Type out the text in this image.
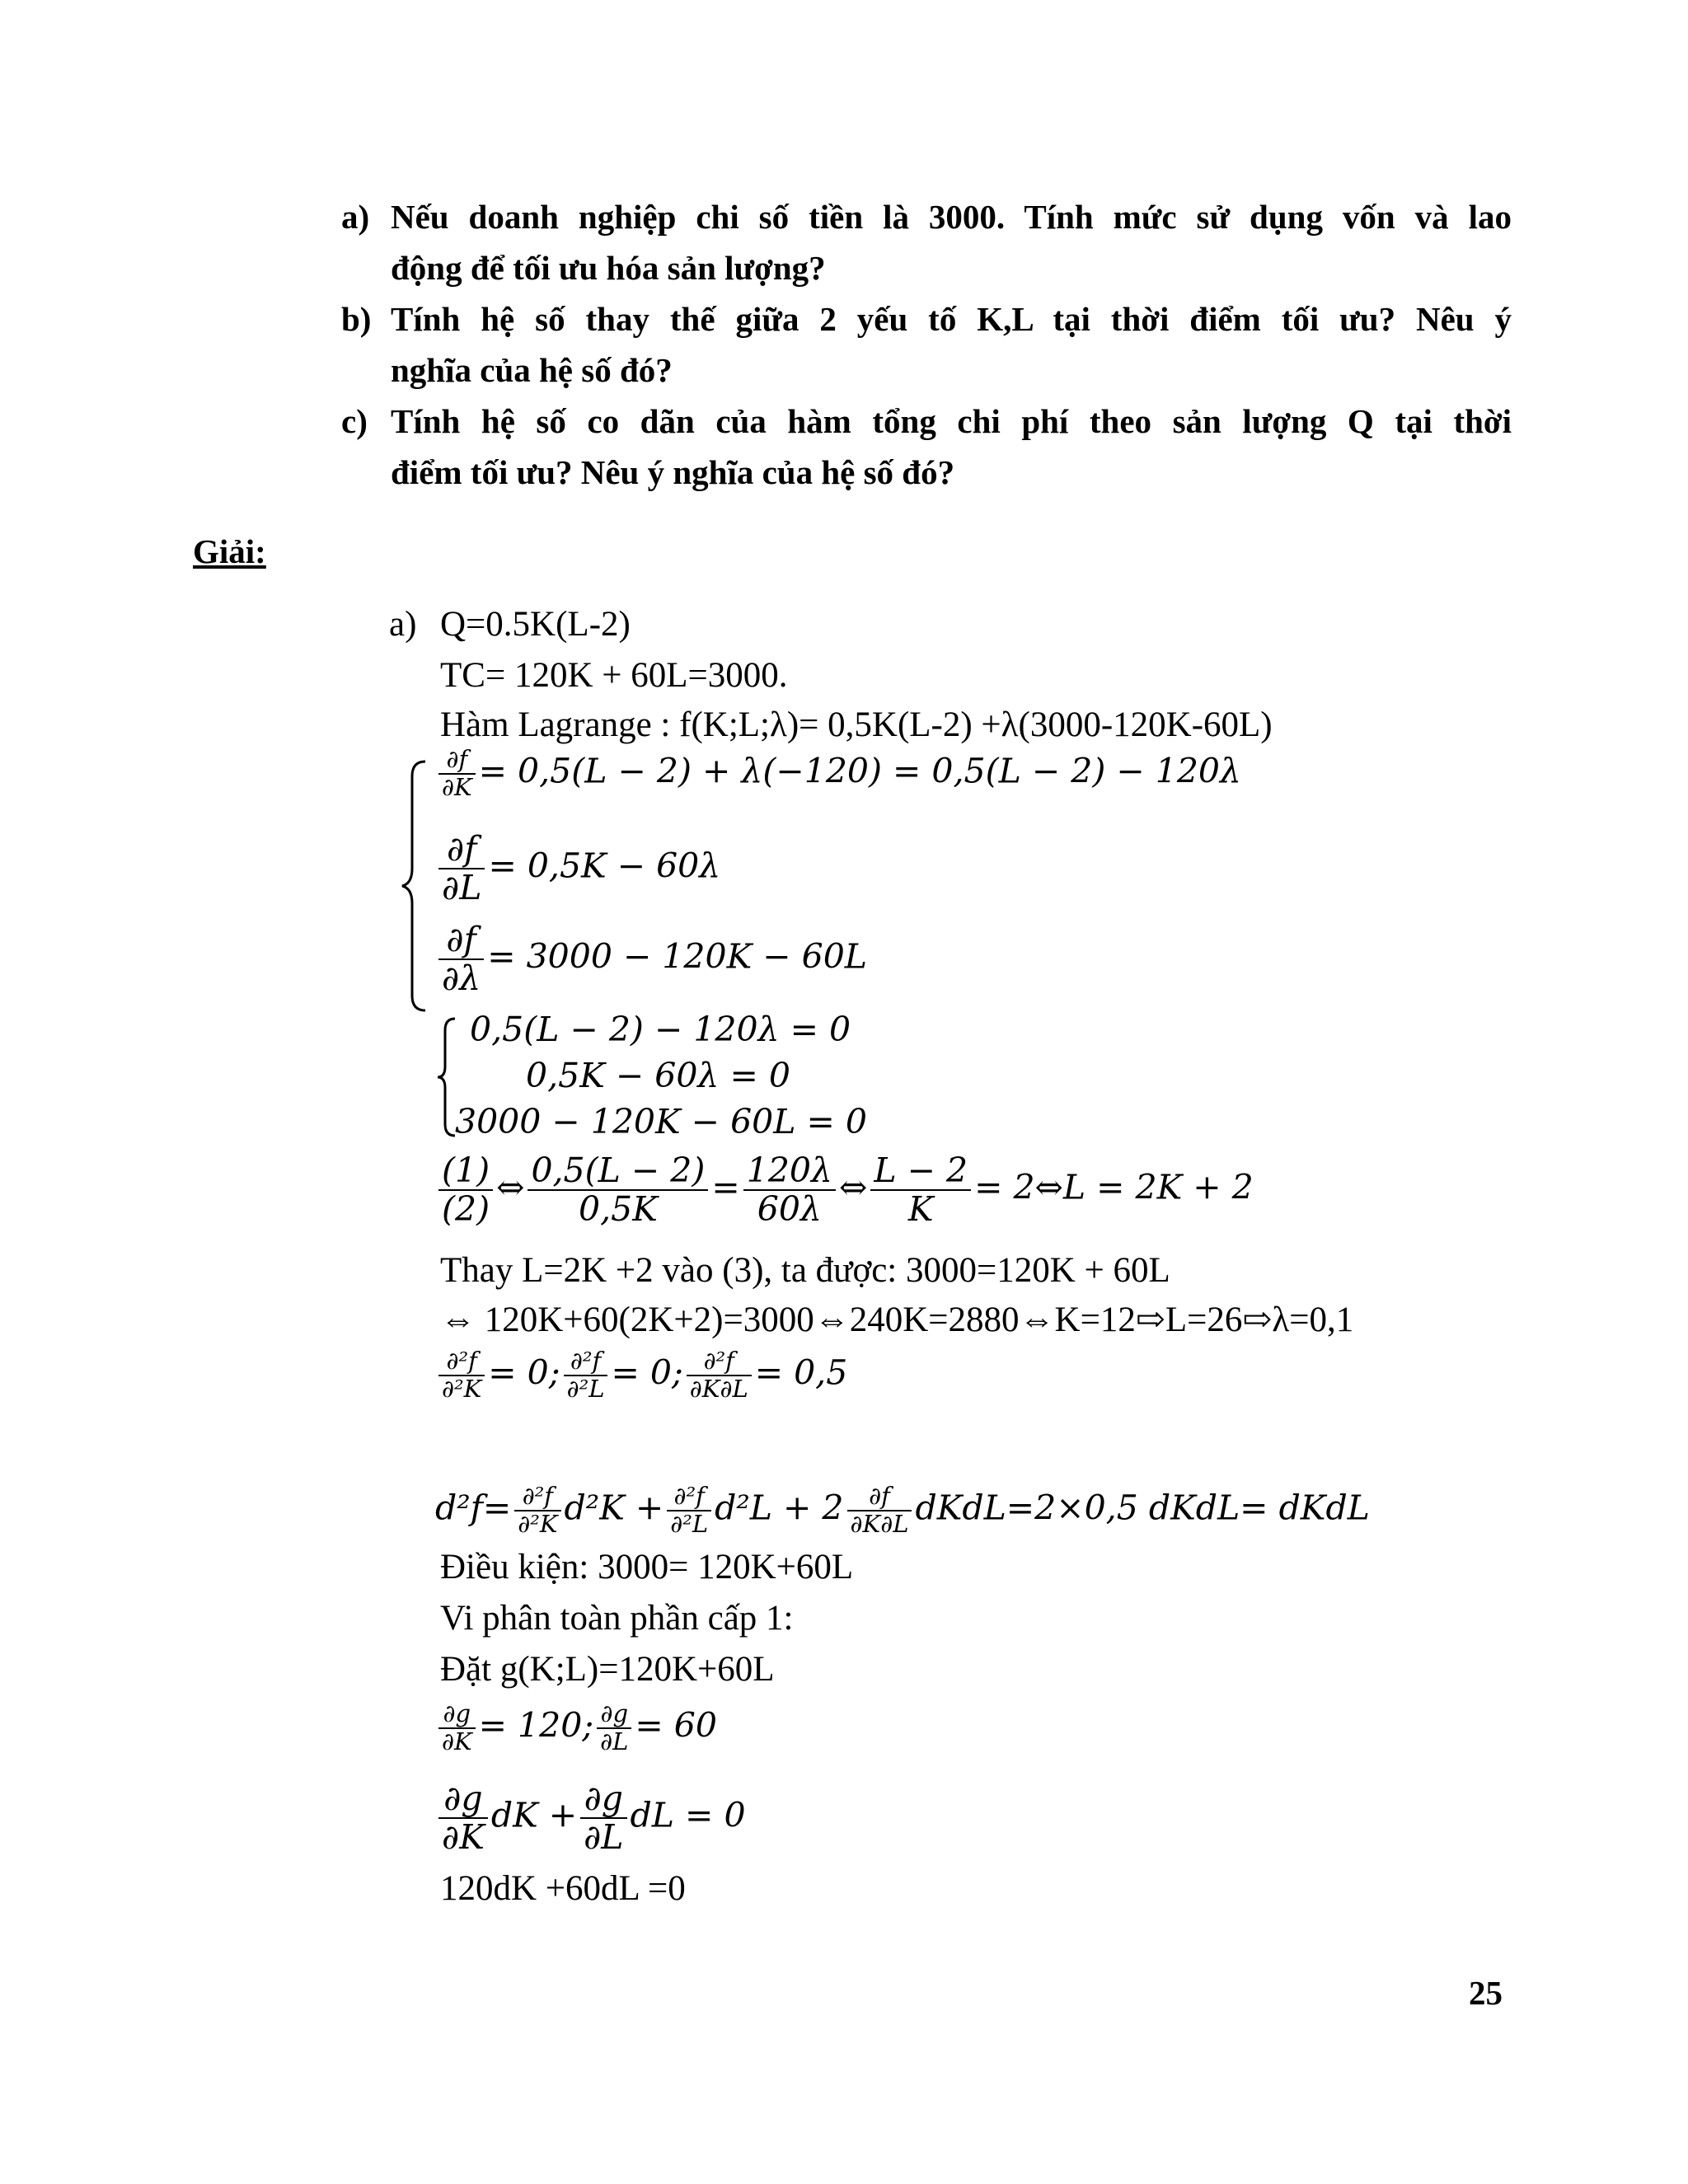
a) Nếu doanh nghiệp chi số tiền là 3000. Tính mức sử dụng vốn và lao
động để tối ưu hóa sản lượng?
b) Tính hệ số thay thế giữa 2 yếu tố K,L tại thời điểm tối ưu? Nêu ý
nghĩa của hệ số đó?
c) Tính hệ số co dãn của hàm tổng chi phí theo sản lượng Q tại thời
điểm tối ưu? Nêu ý nghĩa của hệ số đó?
Giải:
a) Q=0.5K(L-2)
TC= 120K + 60L=3000.
Hàm Lagrange : f(K;L;λ)= 0,5K(L-2) +λ(3000-120K-60L)
$\frac{\partial f}{\partial K} = 0,5(L - 2) + \lambda(-120) = 0,5(L - 2) - 120\lambda$
$\frac{\partial f}{\partial L} = 0,5K - 60\lambda$
$\frac{\partial f}{\partial\lambda} = 3000 - 120K - 60L$
0,5(L − 2) − 120λ = 0
0,5K − 60λ = 0
3000 − 120K − 60L = 0
$\frac{(1)}{(2)}$ ⇔ $\frac{0,5(L - 2)}{0,5K} = \frac{120\lambda}{60\lambda}$ ⇔ $\frac{L - 2}{K}$ = 2⇔L = 2K + 2
Thay L=2K +2 vào (3), ta được: 3000=120K + 60L
⇔ 120K+60(2K+2)=3000⇔240K=2880⇔K=12⇨L=26⇨λ=0,1
$\frac{\text{∂²f}}{\text{∂²K}} = 0$; $\frac{\text{∂²f}}{\text{∂²L}} = 0$; $\frac{\text{∂²f}}{\partial K\partial L} = 0,5$
$d^2f= \frac{\text{∂²f}}{\text{∂²K}} d^2K + \frac{\text{∂²f}}{\text{∂²L}} d^2L + 2 \frac{\partial f}{\partial K\partial L}$ dKdL=2×0,5 dKdL= dKdL
Điều kiện: 3000= 120K+60L
Vi phân toàn phần cấp 1:
Đặt g(K;L)=120K+60L
$\frac{\partial g}{\partial K} = 120$; $\frac{\partial g}{\partial L} = 60$
$\frac{\partial g}{\partial K}$ dK + $\frac{\partial g}{\partial L}$ dL = 0
120dK +60dL =0
25
